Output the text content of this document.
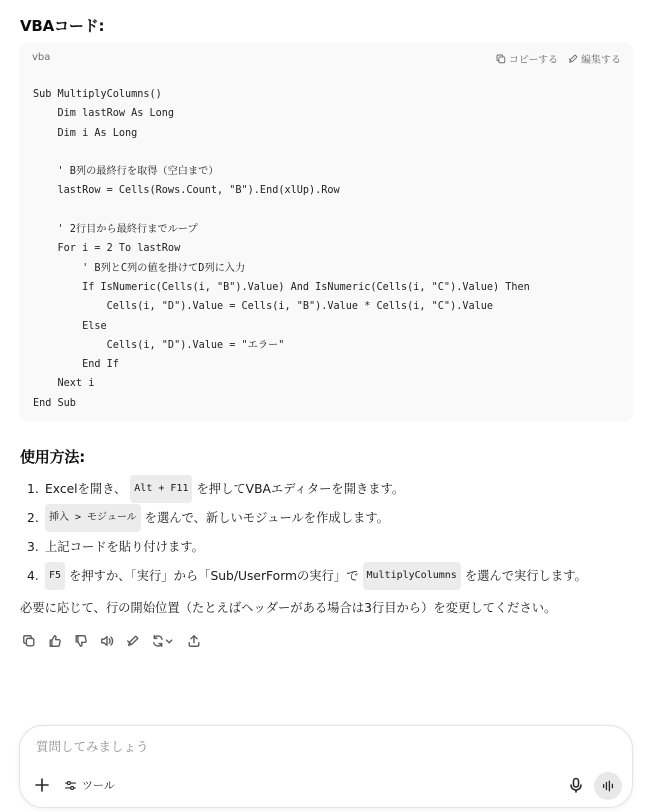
VBAコード:
vba	コピーする 編集する
Sub MultiplyColumns()
Dim lastRow As Long
Dim i As Long
' B列の最終行を取得（空白まで）
lastRow = Cells(Rows.Count, "B").End(xlUp).Row
' 2行目から最終行までループ
For i = 2 To lastRow
' B列とC列の値を掛けてD列に入力
If IsNumeric(Cells(i, "B").Value) And IsNumeric(Cells(i, "C").Value) Then
Cells(i, "D").Value = Cells(i, "B").Value * Cells(i, "C").Value
Else
Cells(i, "D").Value = "エラー"
End If
Next i
End Sub
使用方法:
1. Excelを開き、 Alt + F11 を押してVBAエディターを開きます。
2.	挿入 > モジュール を選んで、新しいモジュールを作成します。
3. 上記コードを貼り付けます。
4.	F5 を押すか、「実行」から「Sub/UserFormの実行」で MultiplyColumns を選んで実行します。
必要に応じて、行の開始位置（たとえばヘッダーがある場合は3行目から）を変更してください。
質問してみましょう
ツール
